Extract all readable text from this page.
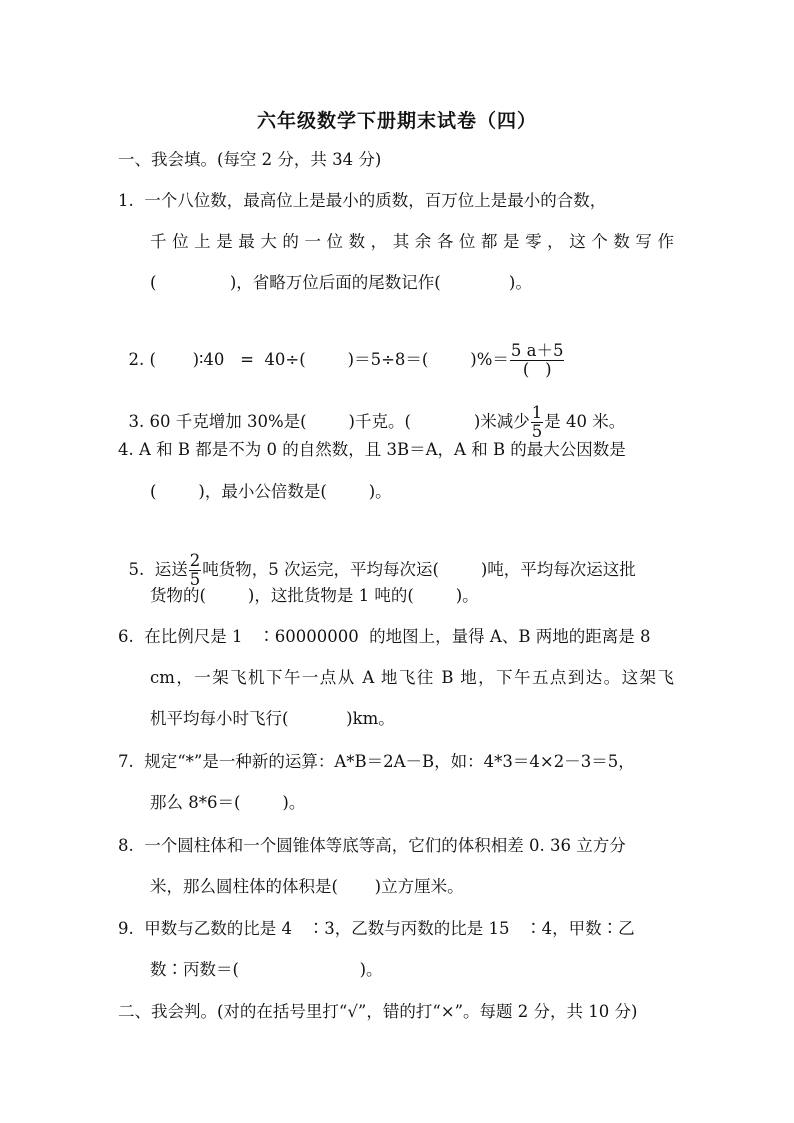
六年级数学下册期末试卷（四）
一、我会填。(每空 2 分，共 34 分)
1.  一个八位数，最高位上是最小的质数，百万位上是最小的合数，
千位上是最大的一位数，其余各位都是零，这个数写作
(              )，省略万位后面的尾数记作(             )。

2. (       )∶40   =  40÷(        )＝5÷8＝(        )%＝ $\frac{5 a+5}{( )}$

3. 60 千克增加 30%是(        )千克。(            )米减少 $\frac{1}{5}$ 是 40 米。

4. A 和 B 都是不为 0 的自然数，且 3B＝A，A 和 B 的最大公因数是
(        )，最小公倍数是(        )。

5.  运送 $\frac{2}{5}$ 吨货物，5 次运完，平均每次运(        )吨，平均每次运这批

货物的(        )，这批货物是 1 吨的(        )。
6.  在比例尺是 1   ∶60000000  的地图上，量得 A、B 两地的距离是 8
cm，一架飞机下午一点从 A 地飞往 B 地，下午五点到达。这架飞
机平均每小时飞行(           )km。
7.  规定“*”是一种新的运算：A*B＝2A－B，如：4*3＝4×2－3＝5，
那么 8*6＝(        )。
8.  一个圆柱体和一个圆锥体等底等高，它们的体积相差 0. 36 立方分
米，那么圆柱体的体积是(       )立方厘米。
9.  甲数与乙数的比是 4   ∶3，乙数与丙数的比是 15   ∶4，甲数∶乙
数∶丙数＝(                       )。
二、我会判。(对的在括号里打“√”，错的打“×”。每题 2 分，共 10 分)
